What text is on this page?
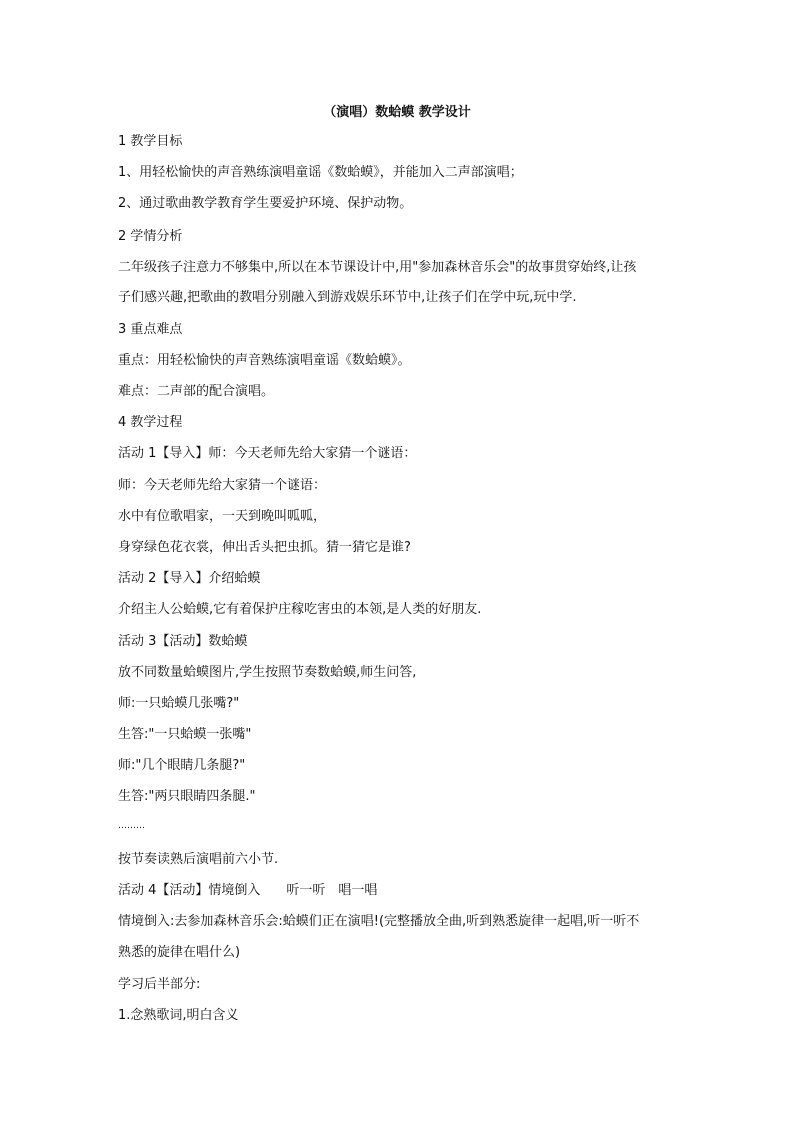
（演唱）数蛤蟆 教学设计
1 教学目标
1、用轻松愉快的声音熟练演唱童谣《数蛤蟆》，并能加入二声部演唱；
2、通过歌曲教学教育学生要爱护环境、保护动物。
2 学情分析
二年级孩子注意力不够集中,所以在本节课设计中,用"参加森林音乐会"的故事贯穿始终,让孩
子们感兴趣,把歌曲的教唱分别融入到游戏娱乐环节中,让孩子们在学中玩,玩中学.
3 重点难点
重点：用轻松愉快的声音熟练演唱童谣《数蛤蟆》。
难点：二声部的配合演唱。
4 教学过程
活动 1【导入】师：今天老师先给大家猜一个谜语：
师：今天老师先给大家猜一个谜语：
水中有位歌唱家，一天到晚叫呱呱，
身穿绿色花衣裳，伸出舌头把虫抓。猜一猜它是谁?
活动 2【导入】介绍蛤蟆
介绍主人公蛤蟆,它有着保护庄稼吃害虫的本领,是人类的好朋友.
活动 3【活动】数蛤蟆
放不同数量蛤蟆图片,学生按照节奏数蛤蟆,师生问答,
师:一只蛤蟆几张嘴?"
生答:"一只蛤蟆一张嘴"
师:"几个眼睛几条腿?"
生答:"两只眼睛四条腿."
………
按节奏读熟后演唱前六小节.
活动 4【活动】情境倒入　　听一听　唱一唱
情境倒入:去参加森林音乐会:蛤蟆们正在演唱!(完整播放全曲,听到熟悉旋律一起唱,听一听不
熟悉的旋律在唱什么)
学习后半部分:
1.念熟歌词,明白含义
